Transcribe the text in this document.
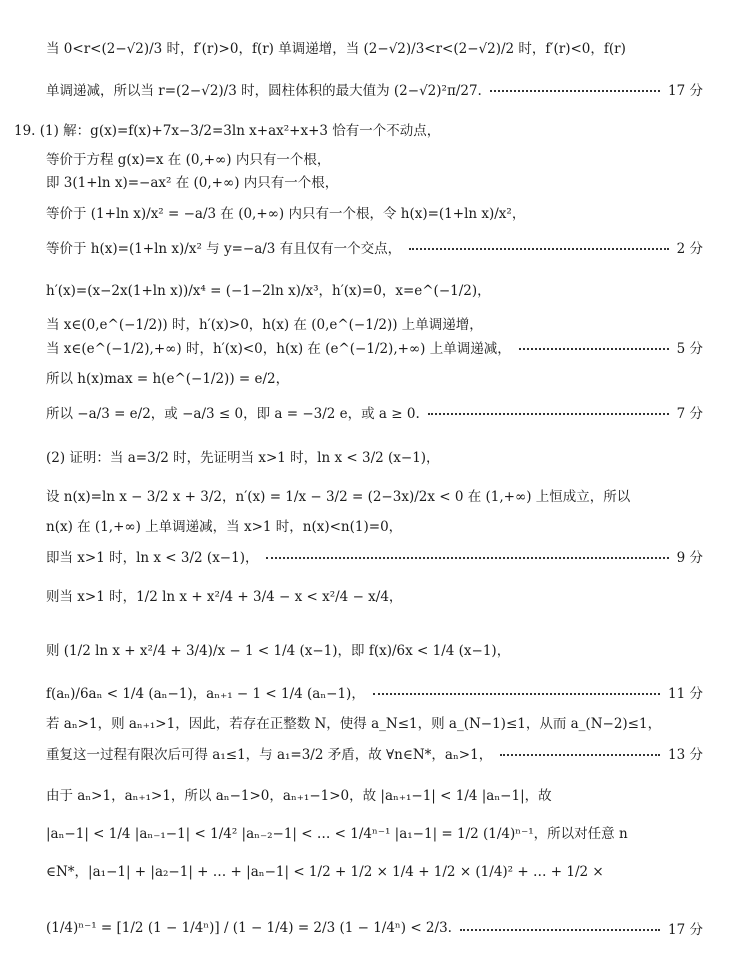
当 0<r<(2−√2)/3 时，f′(r)>0，f(r) 单调递增，当 (2−√2)/3<r<(2−√2)/2 时，f′(r)<0，f(r)
单调递减，所以当 r=(2−√2)/3 时，圆柱体积的最大值为 (2−√2)²π/27.	17 分
19. (1) 解：g(x)=f(x)+7x−3/2=3ln x+ax²+x+3 恰有一个不动点，
等价于方程 g(x)=x 在 (0,+∞) 内只有一个根，
即 3(1+ln x)=−ax² 在 (0,+∞) 内只有一个根，
等价于 (1+ln x)/x² = −a/3 在 (0,+∞) 内只有一个根，令 h(x)=(1+ln x)/x²，
等价于 h(x)=(1+ln x)/x² 与 y=−a/3 有且仅有一个交点，	2 分
h′(x)=(x−2x(1+ln x))/x⁴ = (−1−2ln x)/x³，h′(x)=0，x=e^(−1/2)，
当 x∈(0,e^(−1/2)) 时，h′(x)>0，h(x) 在 (0,e^(−1/2)) 上单调递增，
当 x∈(e^(−1/2),+∞) 时，h′(x)<0，h(x) 在 (e^(−1/2),+∞) 上单调递减，	5 分
所以 h(x)max = h(e^(−1/2)) = e/2，
所以 −a/3 = e/2，或 −a/3 ≤ 0，即 a = −3/2 e，或 a ≥ 0.	7 分
(2) 证明：当 a=3/2 时，先证明当 x>1 时，ln x < 3/2 (x−1)，
设 n(x)=ln x − 3/2 x + 3/2，n′(x) = 1/x − 3/2 = (2−3x)/2x < 0 在 (1,+∞) 上恒成立，所以
n(x) 在 (1,+∞) 上单调递减，当 x>1 时，n(x)<n(1)=0，
即当 x>1 时，ln x < 3/2 (x−1)，	9 分
则当 x>1 时，1/2 ln x + x²/4 + 3/4 − x < x²/4 − x/4，
则 (1/2 ln x + x²/4 + 3/4)/x − 1 < 1/4 (x−1)，即 f(x)/6x < 1/4 (x−1)，
f(aₙ)/6aₙ < 1/4 (aₙ−1)，aₙ₊₁ − 1 < 1/4 (aₙ−1)，	11 分
若 aₙ>1，则 aₙ₊₁>1，因此，若存在正整数 N，使得 a_N≤1，则 a_(N−1)≤1，从而 a_(N−2)≤1，
重复这一过程有限次后可得 a₁≤1，与 a₁=3/2 矛盾，故 ∀n∈N*，aₙ>1，	13 分
由于 aₙ>1，aₙ₊₁>1，所以 aₙ−1>0，aₙ₊₁−1>0，故 |aₙ₊₁−1| < 1/4 |aₙ−1|，故
|aₙ−1| < 1/4 |aₙ₋₁−1| < 1/4² |aₙ₋₂−1| < … < 1/4ⁿ⁻¹ |a₁−1| = 1/2 (1/4)ⁿ⁻¹，所以对任意 n
∈N*，|a₁−1| + |a₂−1| + … + |aₙ−1| < 1/2 + 1/2 × 1/4 + 1/2 × (1/4)² + … + 1/2 ×
(1/4)ⁿ⁻¹ = [1/2 (1 − 1/4ⁿ)] / (1 − 1/4) = 2/3 (1 − 1/4ⁿ) < 2/3.	17 分
